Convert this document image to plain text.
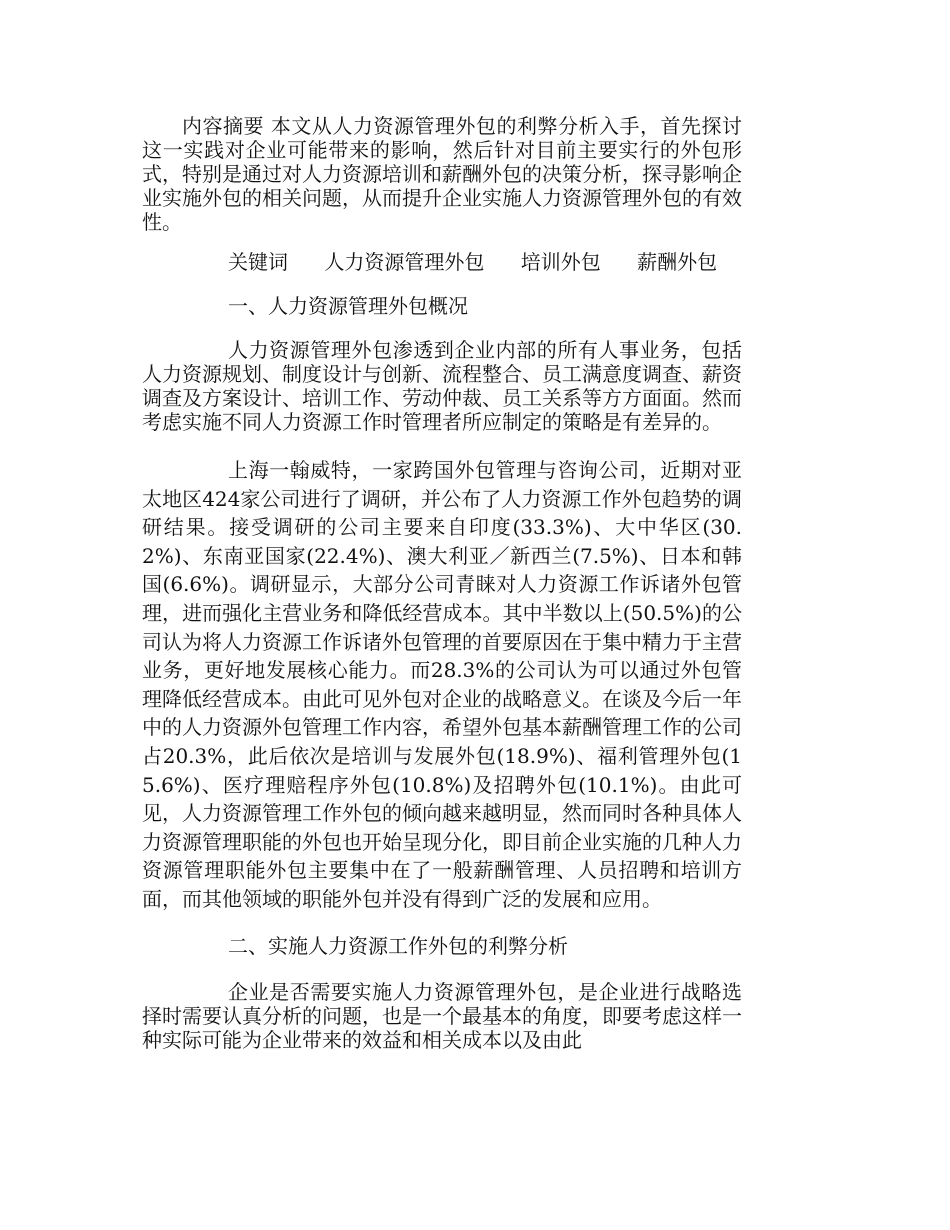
内容摘要 本文从人力资源管理外包的利弊分析入手，首先探讨这一实践对企业可能带来的影响，然后针对目前主要实行的外包形式，特别是通过对人力资源培训和薪酬外包的决策分析，探寻影响企业实施外包的相关问题，从而提升企业实施人力资源管理外包的有效性。

关键词 人力资源管理外包 培训外包 薪酬外包
一、人力资源管理外包概况

人力资源管理外包渗透到企业内部的所有人事业务，包括人力资源规划、制度设计与创新、流程整合、员工满意度调查、薪资调查及方案设计、培训工作、劳动仲裁、员工关系等方方面面。然而考虑实施不同人力资源工作时管理者所应制定的策略是有差异的。

上海一翰威特，一家跨国外包管理与咨询公司，近期对亚太地区424家公司进行了调研，并公布了人力资源工作外包趋势的调研结果。接受调研的公司主要来自印度(33.3%)、大中华区(30.2%)、东南亚国家(22.4%)、澳大利亚／新西兰(7.5%)、日本和韩国(6.6%)。调研显示，大部分公司青睐对人力资源工作诉诸外包管理，进而强化主营业务和降低经营成本。其中半数以上(50.5%)的公司认为将人力资源工作诉诸外包管理的首要原因在于集中精力于主营业务，更好地发展核心能力。而28.3%的公司认为可以通过外包管理降低经营成本。由此可见外包对企业的战略意义。在谈及今后一年中的人力资源外包管理工作内容，希望外包基本薪酬管理工作的公司占20.3%，此后依次是培训与发展外包(18.9%)、福利管理外包(15.6%)、医疗理赔程序外包(10.8%)及招聘外包(10.1%)。由此可见，人力资源管理工作外包的倾向越来越明显，然而同时各种具体人力资源管理职能的外包也开始呈现分化，即目前企业实施的几种人力资源管理职能外包主要集中在了一般薪酬管理、人员招聘和培训方面，而其他领域的职能外包并没有得到广泛的发展和应用。

二、实施人力资源工作外包的利弊分析

企业是否需要实施人力资源管理外包，是企业进行战略选择时需要认真分析的问题，也是一个最基本的角度，即要考虑这样一种实际可能为企业带来的效益和相关成本以及由此
